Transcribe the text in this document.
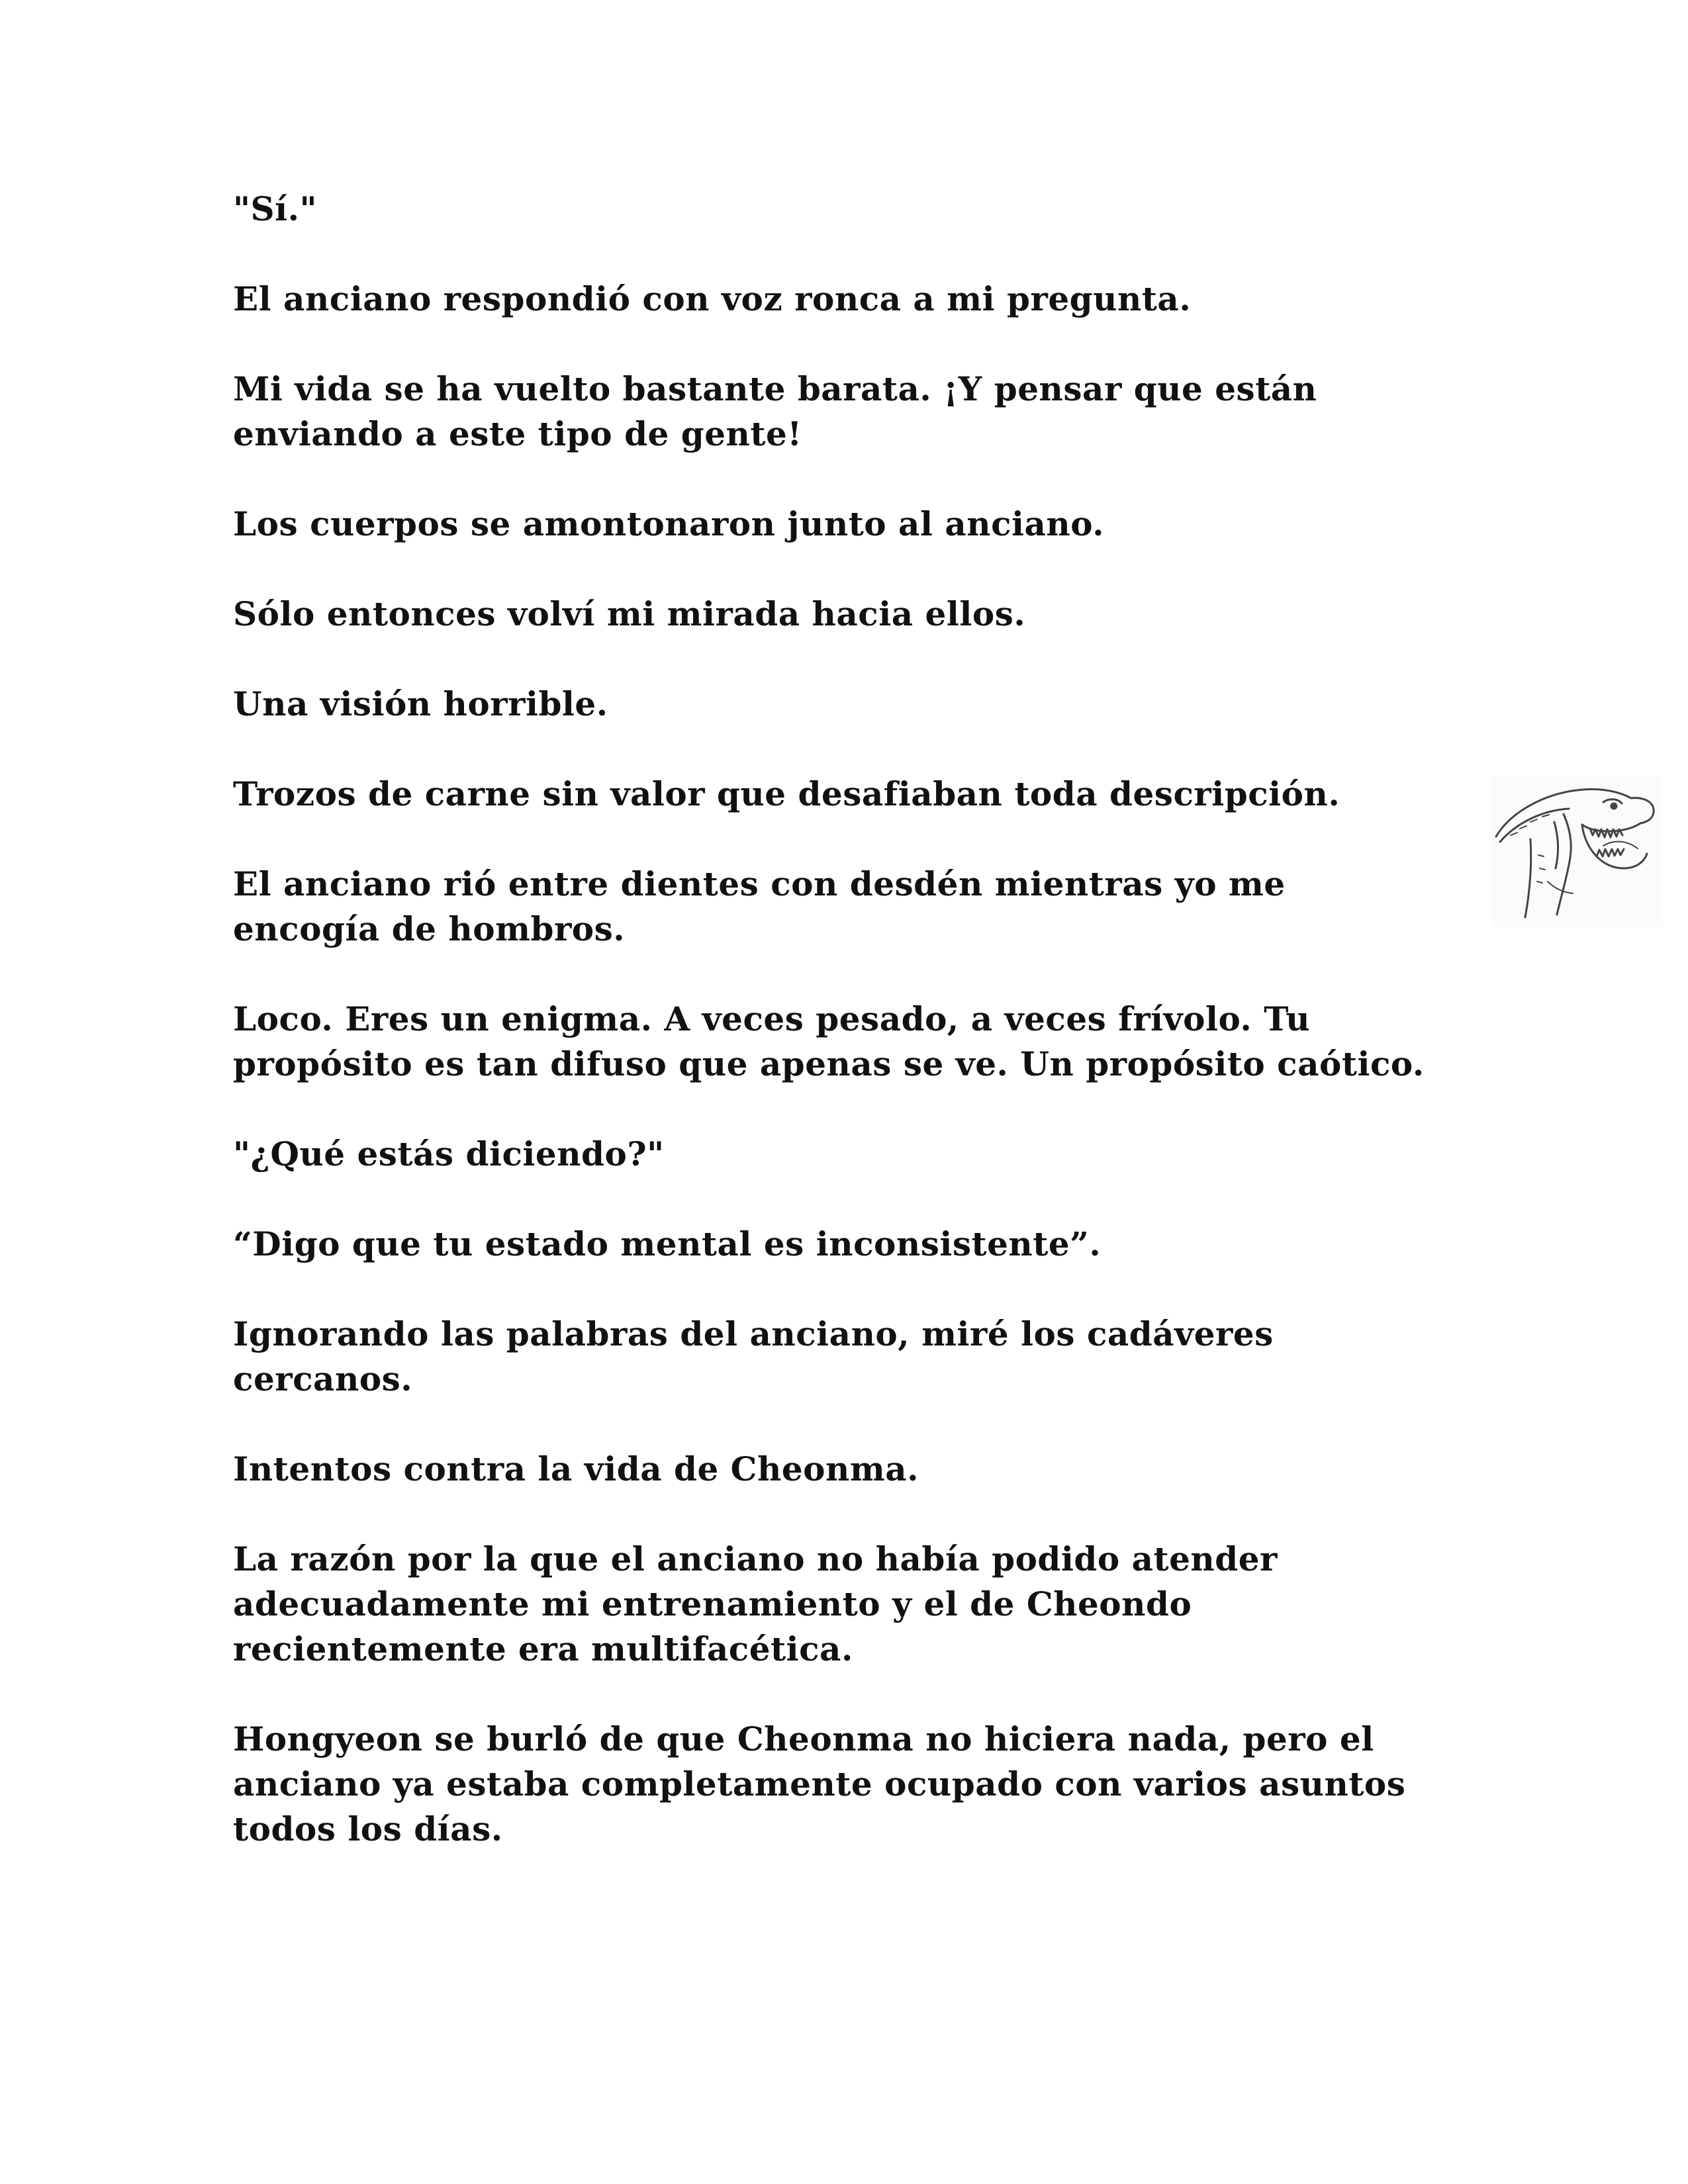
"Sí."

El anciano respondió con voz ronca a mi pregunta.

Mi vida se ha vuelto bastante barata. ¡Y pensar que están enviando a este tipo de gente!

Los cuerpos se amontonaron junto al anciano.

Sólo entonces volví mi mirada hacia ellos.

Una visión horrible.

Trozos de carne sin valor que desafiaban toda descripción.

El anciano rió entre dientes con desdén mientras yo me encogía de hombros.

Loco. Eres un enigma. A veces pesado, a veces frívolo. Tu propósito es tan difuso que apenas se ve. Un propósito caótico.

"¿Qué estás diciendo?"

“Digo que tu estado mental es inconsistente”.

Ignorando las palabras del anciano, miré los cadáveres cercanos.

Intentos contra la vida de Cheonma.

La razón por la que el anciano no había podido atender adecuadamente mi entrenamiento y el de Cheondo recientemente era multifacética.

Hongyeon se burló de que Cheonma no hiciera nada, pero el anciano ya estaba completamente ocupado con varios asuntos todos los días.
